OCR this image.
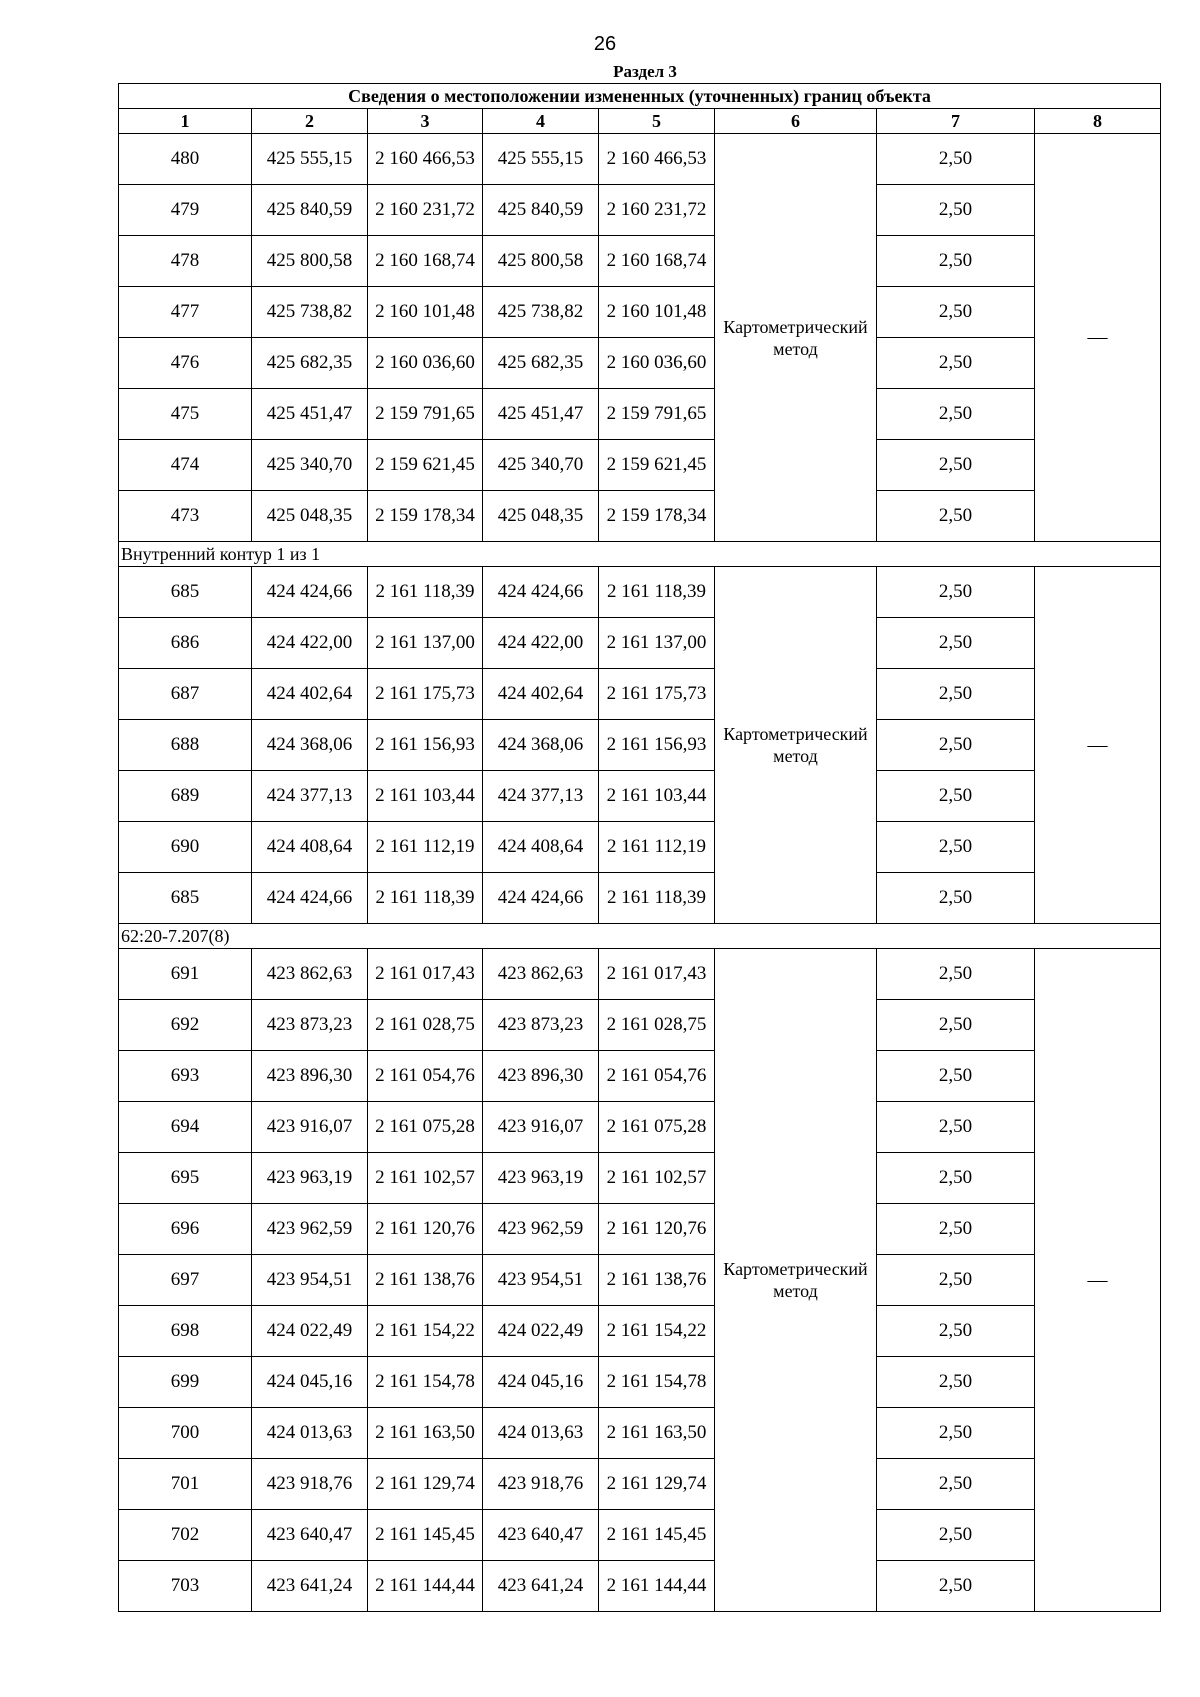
26
Раздел 3
Сведения о местоположении измененных (уточненных) границ объекта							
1	2	3	4	5	6	7	8
480	425 555,15	2 160 466,53	425 555,15	2 160 466,53	Картометрический метод	2,50	—
479	425 840,59	2 160 231,72	425 840,59	2 160 231,72		2,50	
478	425 800,58	2 160 168,74	425 800,58	2 160 168,74		2,50	
477	425 738,82	2 160 101,48	425 738,82	2 160 101,48		2,50	
476	425 682,35	2 160 036,60	425 682,35	2 160 036,60		2,50	
475	425 451,47	2 159 791,65	425 451,47	2 159 791,65		2,50	
474	425 340,70	2 159 621,45	425 340,70	2 159 621,45		2,50	
473	425 048,35	2 159 178,34	425 048,35	2 159 178,34		2,50	
Внутренний контур 1 из 1							
685	424 424,66	2 161 118,39	424 424,66	2 161 118,39	Картометрический метод	2,50	—
686	424 422,00	2 161 137,00	424 422,00	2 161 137,00		2,50	
687	424 402,64	2 161 175,73	424 402,64	2 161 175,73		2,50	
688	424 368,06	2 161 156,93	424 368,06	2 161 156,93		2,50	
689	424 377,13	2 161 103,44	424 377,13	2 161 103,44		2,50	
690	424 408,64	2 161 112,19	424 408,64	2 161 112,19		2,50	
685	424 424,66	2 161 118,39	424 424,66	2 161 118,39		2,50	
62:20-7.207(8)							
691	423 862,63	2 161 017,43	423 862,63	2 161 017,43	Картометрический метод	2,50	—
692	423 873,23	2 161 028,75	423 873,23	2 161 028,75		2,50	
693	423 896,30	2 161 054,76	423 896,30	2 161 054,76		2,50	
694	423 916,07	2 161 075,28	423 916,07	2 161 075,28		2,50	
695	423 963,19	2 161 102,57	423 963,19	2 161 102,57		2,50	
696	423 962,59	2 161 120,76	423 962,59	2 161 120,76		2,50	
697	423 954,51	2 161 138,76	423 954,51	2 161 138,76		2,50	
698	424 022,49	2 161 154,22	424 022,49	2 161 154,22		2,50	
699	424 045,16	2 161 154,78	424 045,16	2 161 154,78		2,50	
700	424 013,63	2 161 163,50	424 013,63	2 161 163,50		2,50	
701	423 918,76	2 161 129,74	423 918,76	2 161 129,74		2,50	
702	423 640,47	2 161 145,45	423 640,47	2 161 145,45		2,50	
703	423 641,24	2 161 144,44	423 641,24	2 161 144,44		2,50	
